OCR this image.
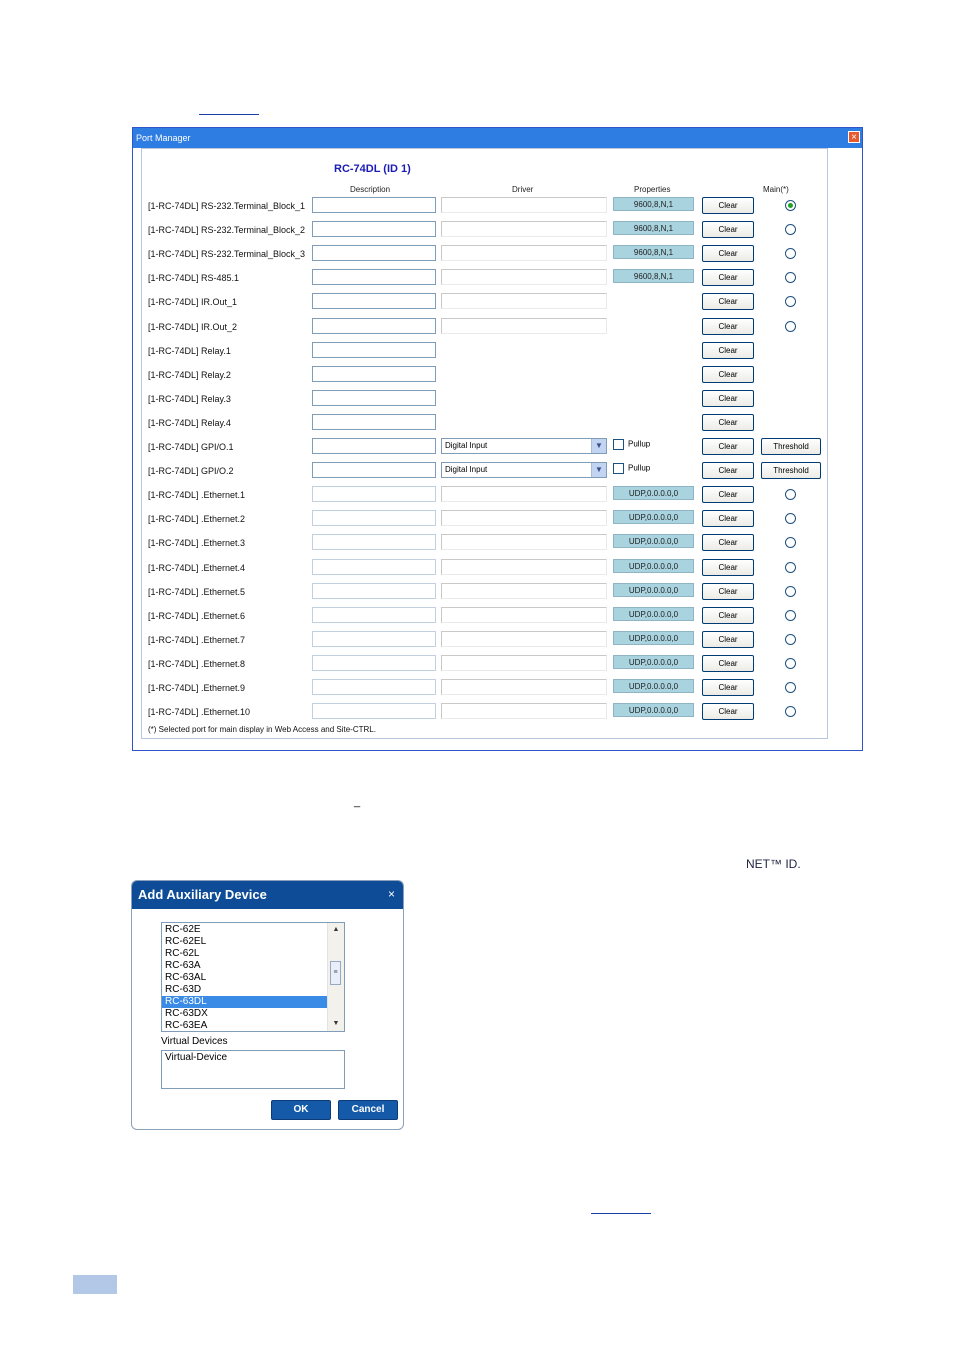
Port Manager	×
RC-74DL (ID 1)
Description	Driver	Properties	Main(*)
[1-RC-74DL] RS-232.Terminal_Block_1	9600,8,N,1	Clear
[1-RC-74DL] RS-232.Terminal_Block_2	9600,8,N,1	Clear
[1-RC-74DL] RS-232.Terminal_Block_3	9600,8,N,1	Clear
[1-RC-74DL] RS-485.1	9600,8,N,1	Clear
[1-RC-74DL] IR.Out_1	Clear
[1-RC-74DL] IR.Out_2	Clear
[1-RC-74DL] Relay.1	Clear
[1-RC-74DL] Relay.2	Clear
[1-RC-74DL] Relay.3	Clear
[1-RC-74DL] Relay.4	Clear
[1-RC-74DL] GPI/O.1	Digital Input	▼	Pullup	Clear	Threshold
[1-RC-74DL] GPI/O.2	Digital Input	▼	Pullup	Clear	Threshold
[1-RC-74DL] .Ethernet.1	UDP,0.0.0.0,0	Clear
[1-RC-74DL] .Ethernet.2	UDP,0.0.0.0,0	Clear
[1-RC-74DL] .Ethernet.3	UDP,0.0.0.0,0	Clear
[1-RC-74DL] .Ethernet.4	UDP,0.0.0.0,0	Clear
[1-RC-74DL] .Ethernet.5	UDP,0.0.0.0,0	Clear
[1-RC-74DL] .Ethernet.6	UDP,0.0.0.0,0	Clear
[1-RC-74DL] .Ethernet.7	UDP,0.0.0.0,0	Clear
[1-RC-74DL] .Ethernet.8	UDP,0.0.0.0,0	Clear
[1-RC-74DL] .Ethernet.9	UDP,0.0.0.0,0	Clear
[1-RC-74DL] .Ethernet.10	UDP,0.0.0.0,0	Clear
(*) Selected port for main display in Web Access and Site-CTRL.
_
NET™ ID.
Add Auxiliary Device	×
RC-62E
RC-62EL
RC-62L
RC-63A
RC-63AL
RC-63D
RC-63DL
RC-63DX
RC-63EA
▲
≡
▼
Virtual Devices
Virtual-Device
OK	Cancel
